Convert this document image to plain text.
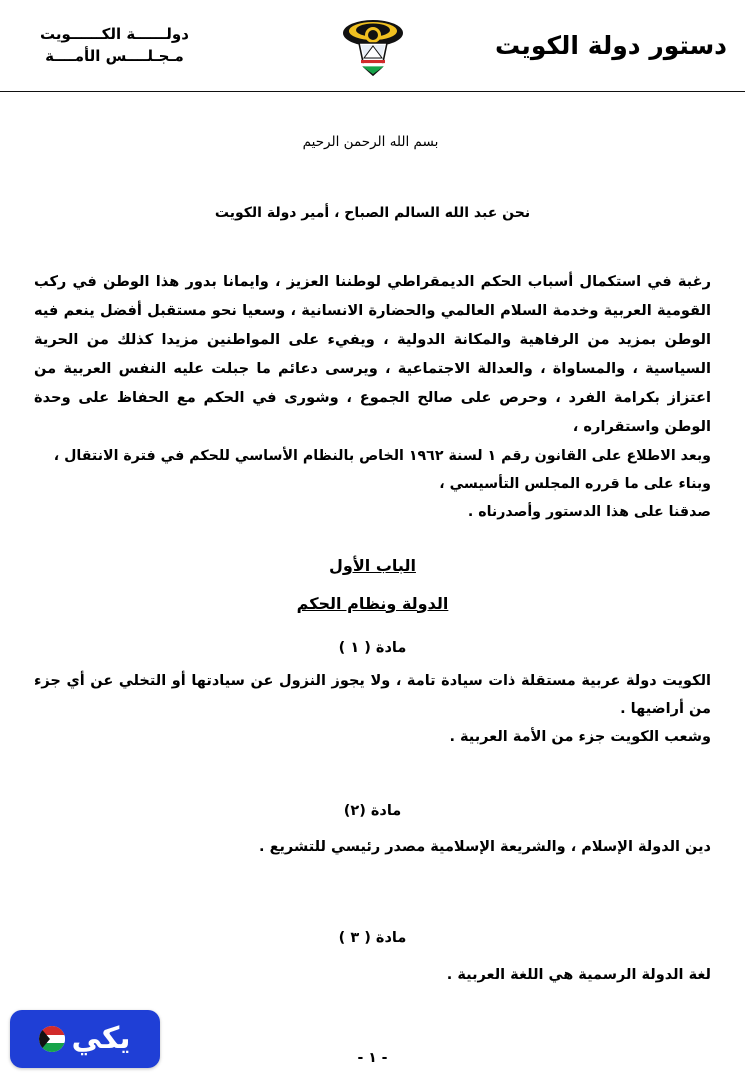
دستور دولة الكويت
دولــــــة الكــــــويت
مـجـلــــس الأمــــة
بسم الله الرحمن الرحيم
نحن عبد الله السالم الصباح ، أمير دولة الكويت
رغبة في استكمال أسباب الحكم الديمقراطي لوطننا العزيز ، وايمانا بدور هذا الوطن في ركب القومية العربية وخدمة السلام العالمي والحضارة الانسانية ، وسعيا نحو مستقبل أفضل ينعم فيه الوطن بمزيد من الرفاهية والمكانة الدولية ، ويفيء على المواطنين مزيدا كذلك من الحرية السياسية ، والمساواة ، والعدالة الاجتماعية ، ويرسى دعائم ما جبلت عليه النفس العربية من اعتزاز بكرامة الفرد ، وحرص على صالح الجموع ، وشورى في الحكم مع الحفاظ على وحدة الوطن واستقراره ،
وبعد الاطلاع على القانون رقم ١ لسنة ١٩٦٢ الخاص بالنظام الأساسي للحكم في فترة الانتقال ،
وبناء على ما قرره المجلس التأسيسي ،
صدقنا على هذا الدستور وأصدرناه .
الباب الأول
الدولة ونظام الحكم
مادة ( ١ )
الكويت دولة عربية مستقلة ذات سيادة تامة ، ولا يجوز النزول عن سيادتها أو التخلي عن أي جزء من أراضيها .
وشعب الكويت جزء من الأمة العربية .
مادة (٢)
دين الدولة الإسلام ، والشريعة الإسلامية مصدر رئيسي للتشريع .
مادة ( ٣ )
لغة الدولة الرسمية هي اللغة العربية .
- ١ -
يكي
